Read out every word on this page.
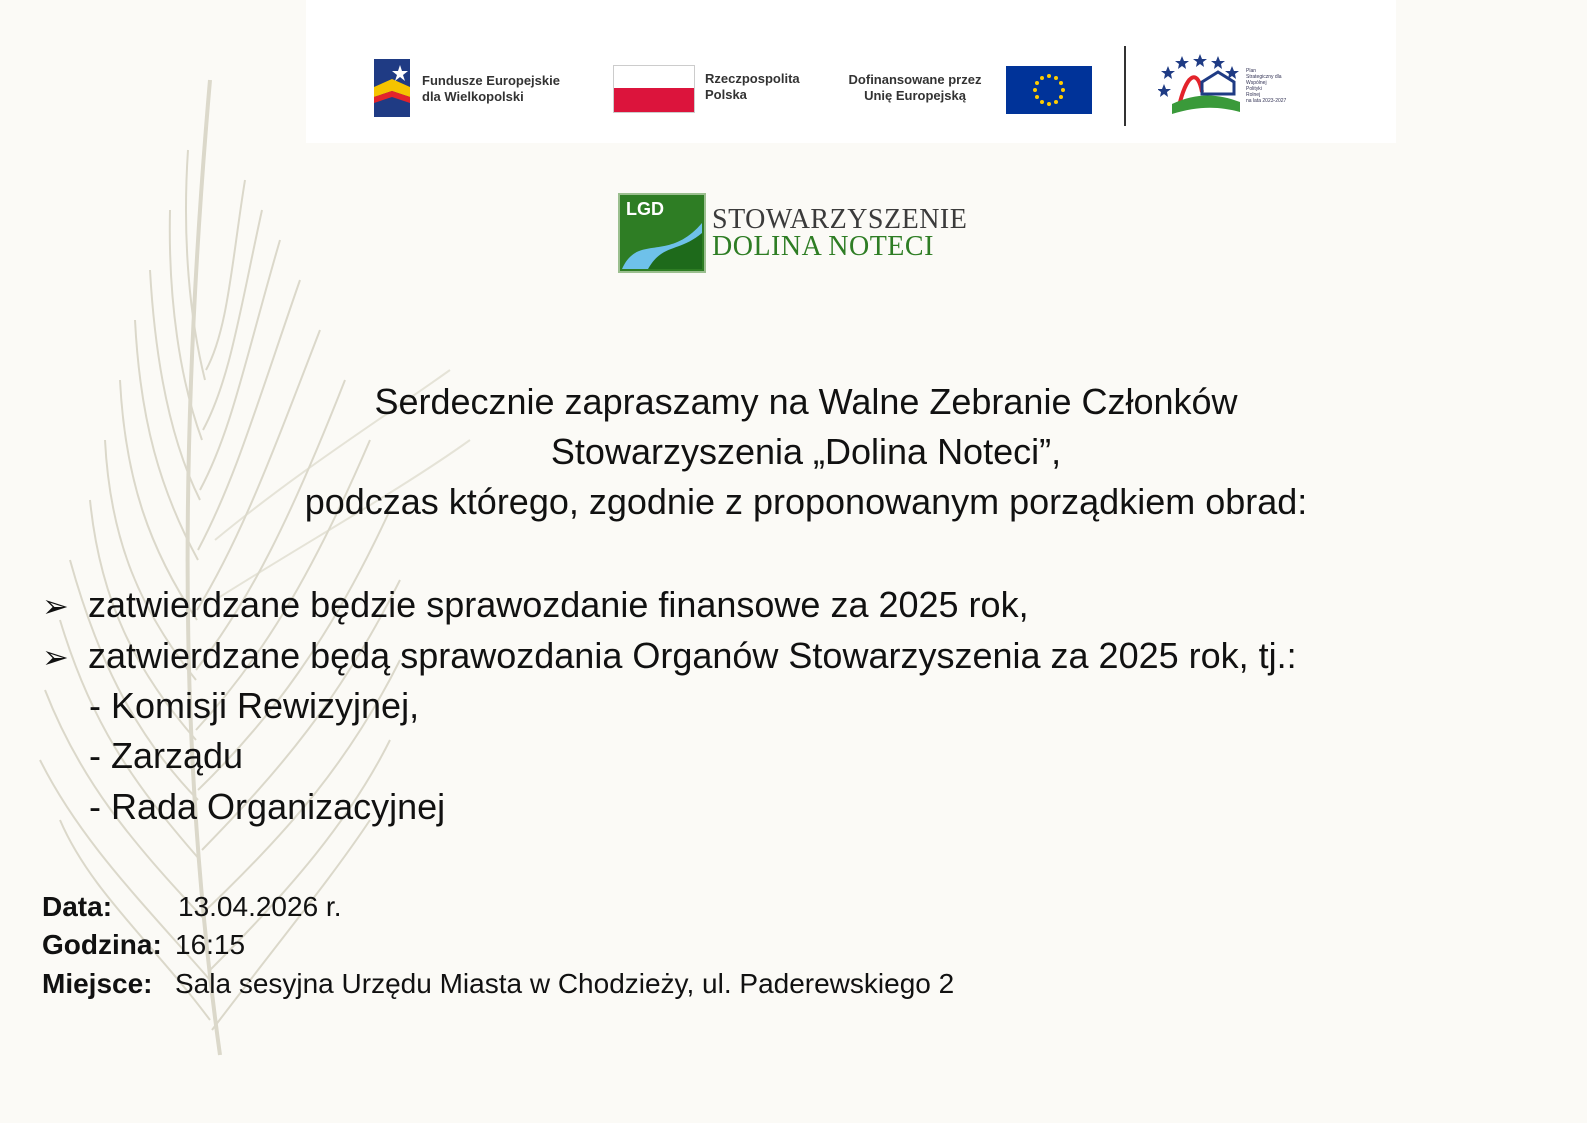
Fundusze Europejskie
dla Wielkopolski
Rzeczpospolita
Polska
Dofinansowane przez
Unię Europejską
Plan
Strategiczny dla
Wspólnej
Polityki
Rolnej
na lata 2023-2027
LGD STOWARZYSZENIE
DOLINA NOTECI
Serdecznie zapraszamy na Walne Zebranie Członków
Stowarzyszenia „Dolina Noteci”,
podczas którego, zgodnie z proponowanym porządkiem obrad:
➢ zatwierdzane będzie sprawozdanie finansowe za 2025 rok,
➢ zatwierdzane będą sprawozdania Organów Stowarzyszenia za 2025 rok, tj.:
- Komisji Rewizyjnej,
- Zarządu
- Rada Organizacyjnej
Data: 13.04.2026 r.
Godzina: 16:15
Miejsce: Sala sesyjna Urzędu Miasta w Chodzieży, ul. Paderewskiego 2
